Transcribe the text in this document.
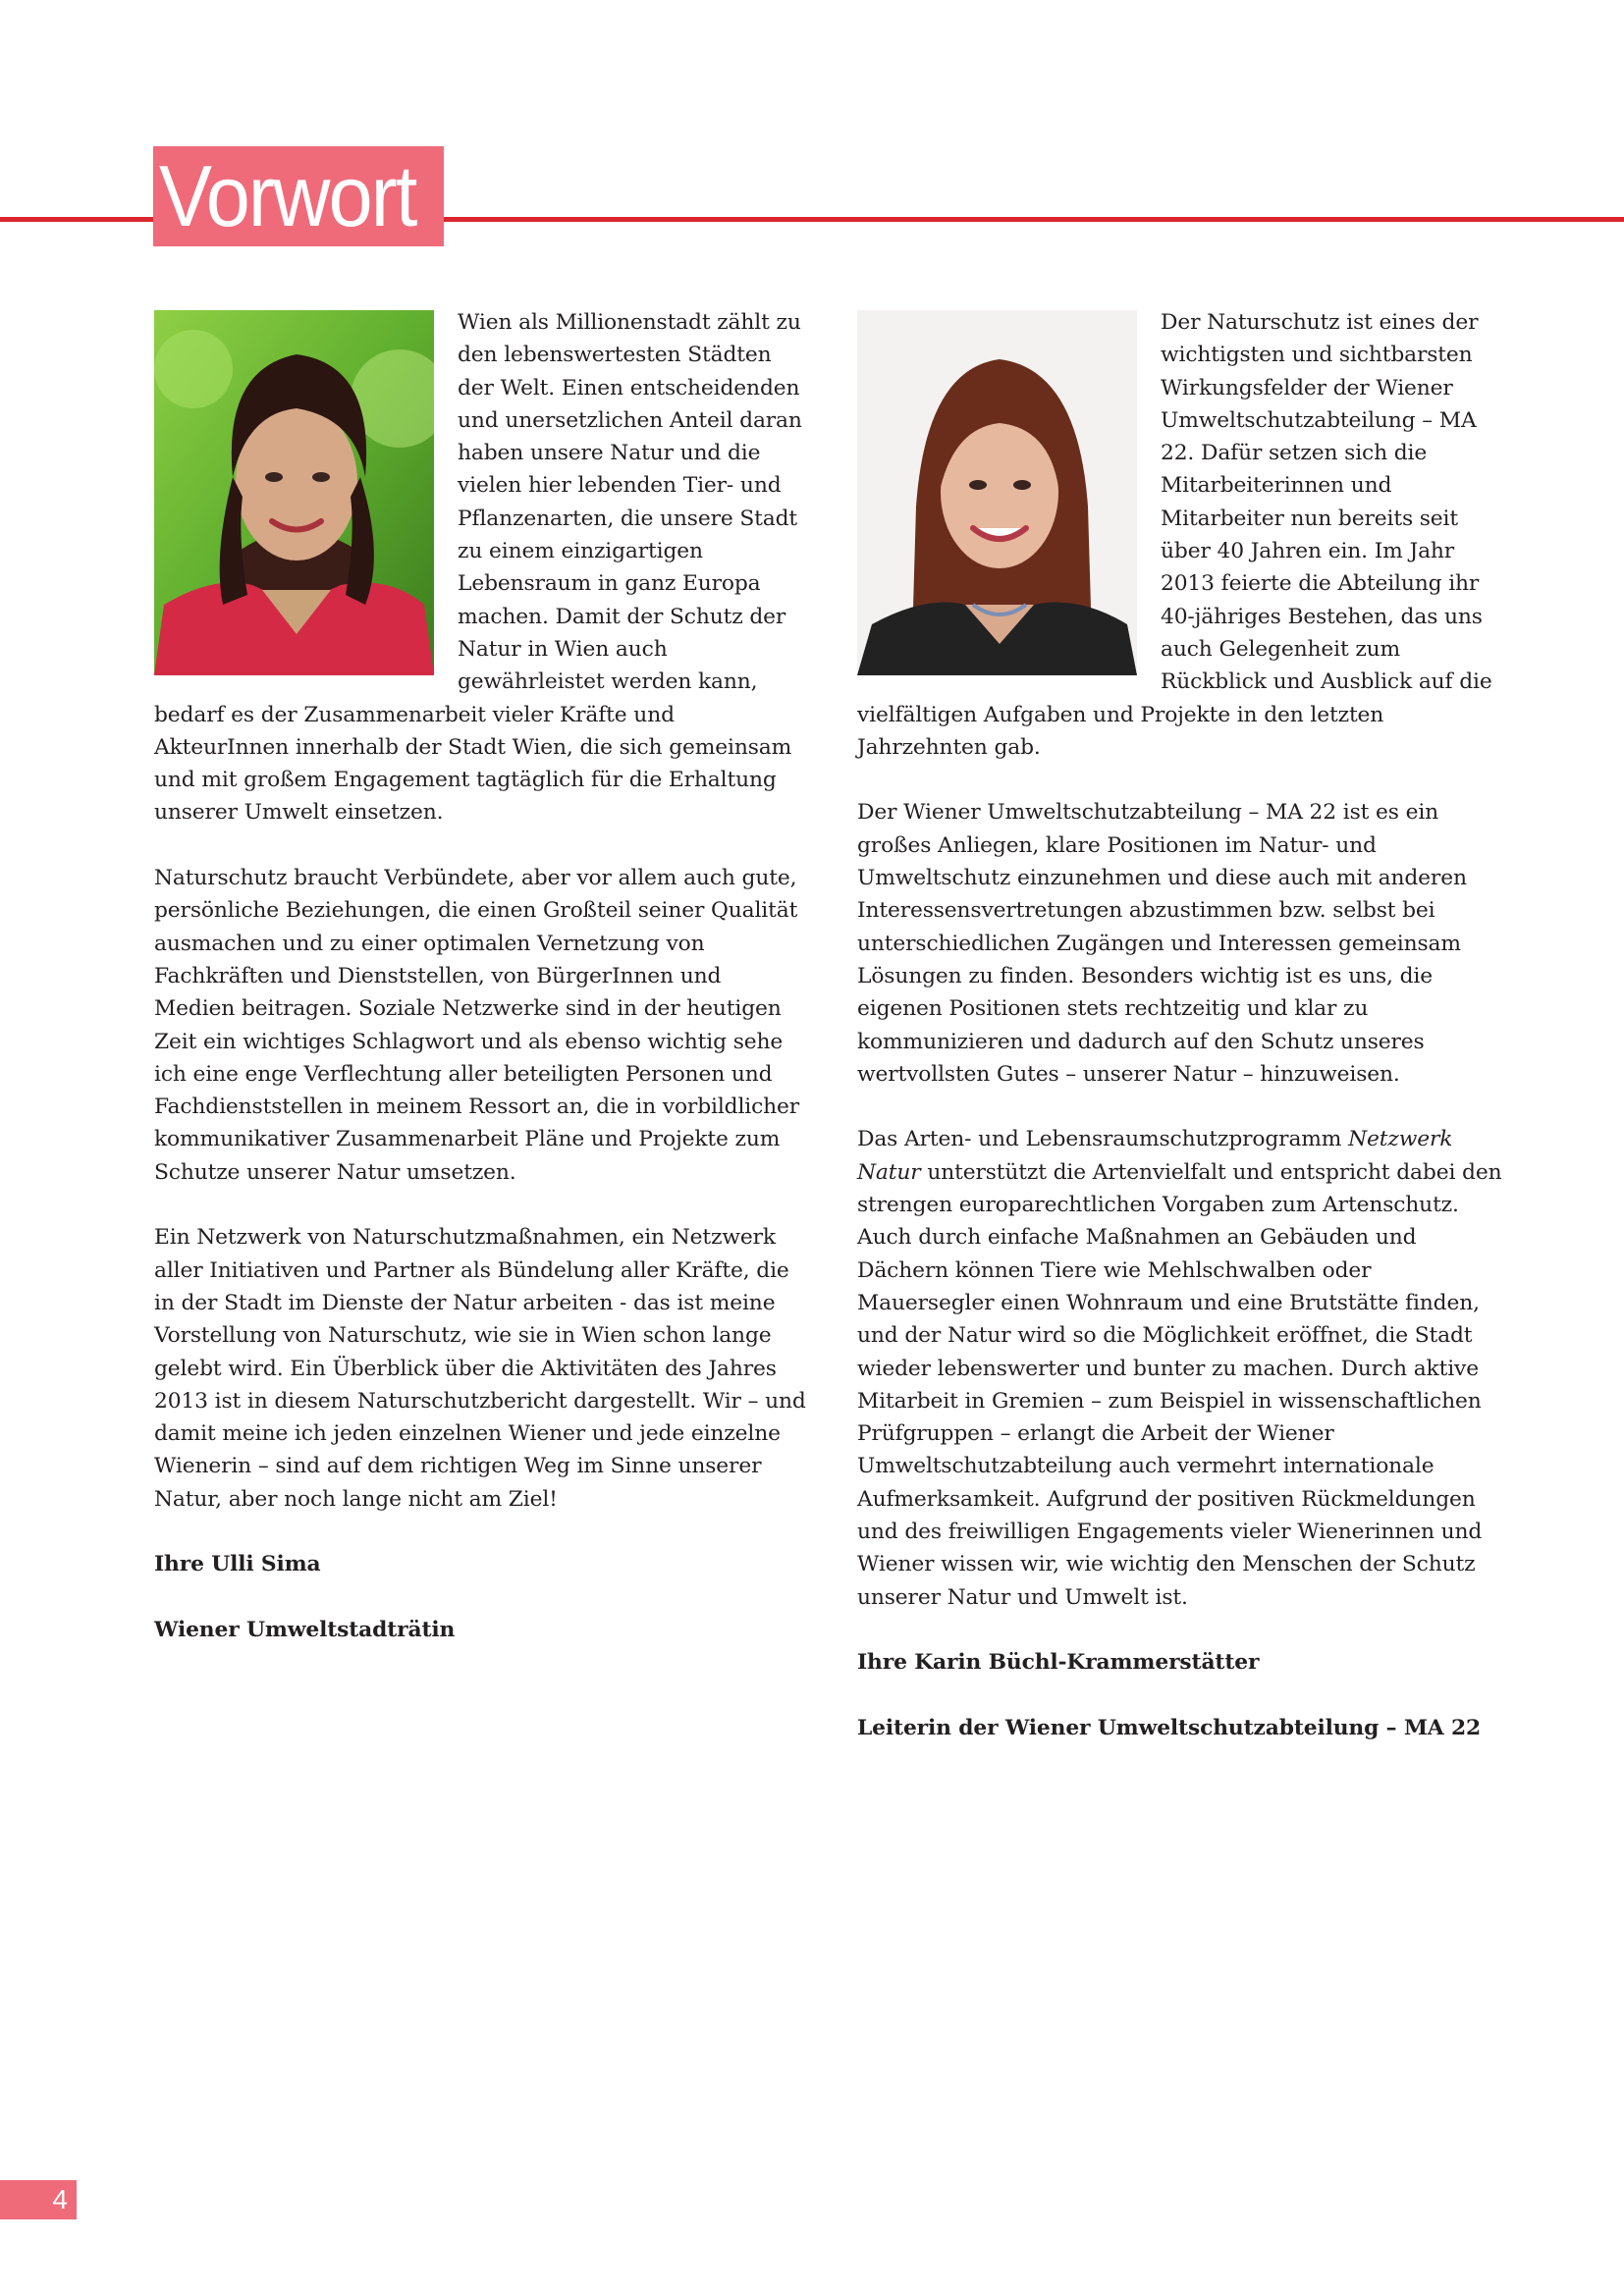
Vorwort

Wien als Millionenstadt zählt zu den lebenswertesten Städten der Welt. Einen entscheidenden und unersetzlichen Anteil daran haben unsere Natur und die vielen hier lebenden Tier- und Pflanzenarten, die unsere Stadt zu einem einzigartigen Lebensraum in ganz Europa machen. Damit der Schutz der Natur in Wien auch gewährleistet werden kann, bedarf es der Zusammenarbeit vieler Kräfte und AkteurInnen innerhalb der Stadt Wien, die sich gemeinsam und mit großem Engagement tagtäglich für die Erhaltung unserer Umwelt einsetzen.

Naturschutz braucht Verbündete, aber vor allem auch gute, persönliche Beziehungen, die einen Großteil seiner Qualität ausmachen und zu einer optimalen Vernetzung von Fachkräften und Dienststellen, von BürgerInnen und Medien beitragen. Soziale Netzwerke sind in der heutigen Zeit ein wichtiges Schlagwort und als ebenso wichtig sehe ich eine enge Verflechtung aller beteiligten Personen und Fachdienststellen in meinem Ressort an, die in vorbildlicher kommunikativer Zusammenarbeit Pläne und Projekte zum Schutze unserer Natur umsetzen.

Ein Netzwerk von Naturschutzmaßnahmen, ein Netzwerk aller Initiativen und Partner als Bündelung aller Kräfte, die in der Stadt im Dienste der Natur arbeiten - das ist meine Vorstellung von Naturschutz, wie sie in Wien schon lange gelebt wird. Ein Überblick über die Aktivitäten des Jahres 2013 ist in diesem Naturschutzbericht dargestellt. Wir – und damit meine ich jeden einzelnen Wiener und jede einzelne Wienerin – sind auf dem richtigen Weg im Sinne unserer Natur, aber noch lange nicht am Ziel!

Ihre Ulli Sima

Wiener Umweltstadträtin

Der Naturschutz ist eines der wichtigsten und sichtbarsten Wirkungsfelder der Wiener Umweltschutzabteilung – MA 22. Dafür setzen sich die Mitarbeiterinnen und Mitarbeiter nun bereits seit über 40 Jahren ein. Im Jahr 2013 feierte die Abteilung ihr 40-jähriges Bestehen, das uns auch Gelegenheit zum Rückblick und Ausblick auf die vielfältigen Aufgaben und Projekte in den letzten Jahrzehnten gab.

Der Wiener Umweltschutzabteilung – MA 22 ist es ein großes Anliegen, klare Positionen im Natur- und Umweltschutz einzunehmen und diese auch mit anderen Interessensvertretungen abzustimmen bzw. selbst bei unterschiedlichen Zugängen und Interessen gemeinsam Lösungen zu finden. Besonders wichtig ist es uns, die eigenen Positionen stets rechtzeitig und klar zu kommunizieren und dadurch auf den Schutz unseres wertvollsten Gutes – unserer Natur – hinzuweisen.

Das Arten- und Lebensraumschutzprogramm Netzwerk Natur unterstützt die Artenvielfalt und entspricht dabei den strengen europarechtlichen Vorgaben zum Artenschutz. Auch durch einfache Maßnahmen an Gebäuden und Dächern können Tiere wie Mehlschwalben oder Mauersegler einen Wohnraum und eine Brutstätte finden, und der Natur wird so die Möglichkeit eröffnet, die Stadt wieder lebenswerter und bunter zu machen. Durch aktive Mitarbeit in Gremien – zum Beispiel in wissenschaftlichen Prüfgruppen – erlangt die Arbeit der Wiener Umweltschutzabteilung auch vermehrt internationale Aufmerksamkeit. Aufgrund der positiven Rückmeldungen und des freiwilligen Engagements vieler Wienerinnen und Wiener wissen wir, wie wichtig den Menschen der Schutz unserer Natur und Umwelt ist.

Ihre Karin Büchl-Krammerstätter

Leiterin der Wiener Umweltschutzabteilung – MA 22

4
